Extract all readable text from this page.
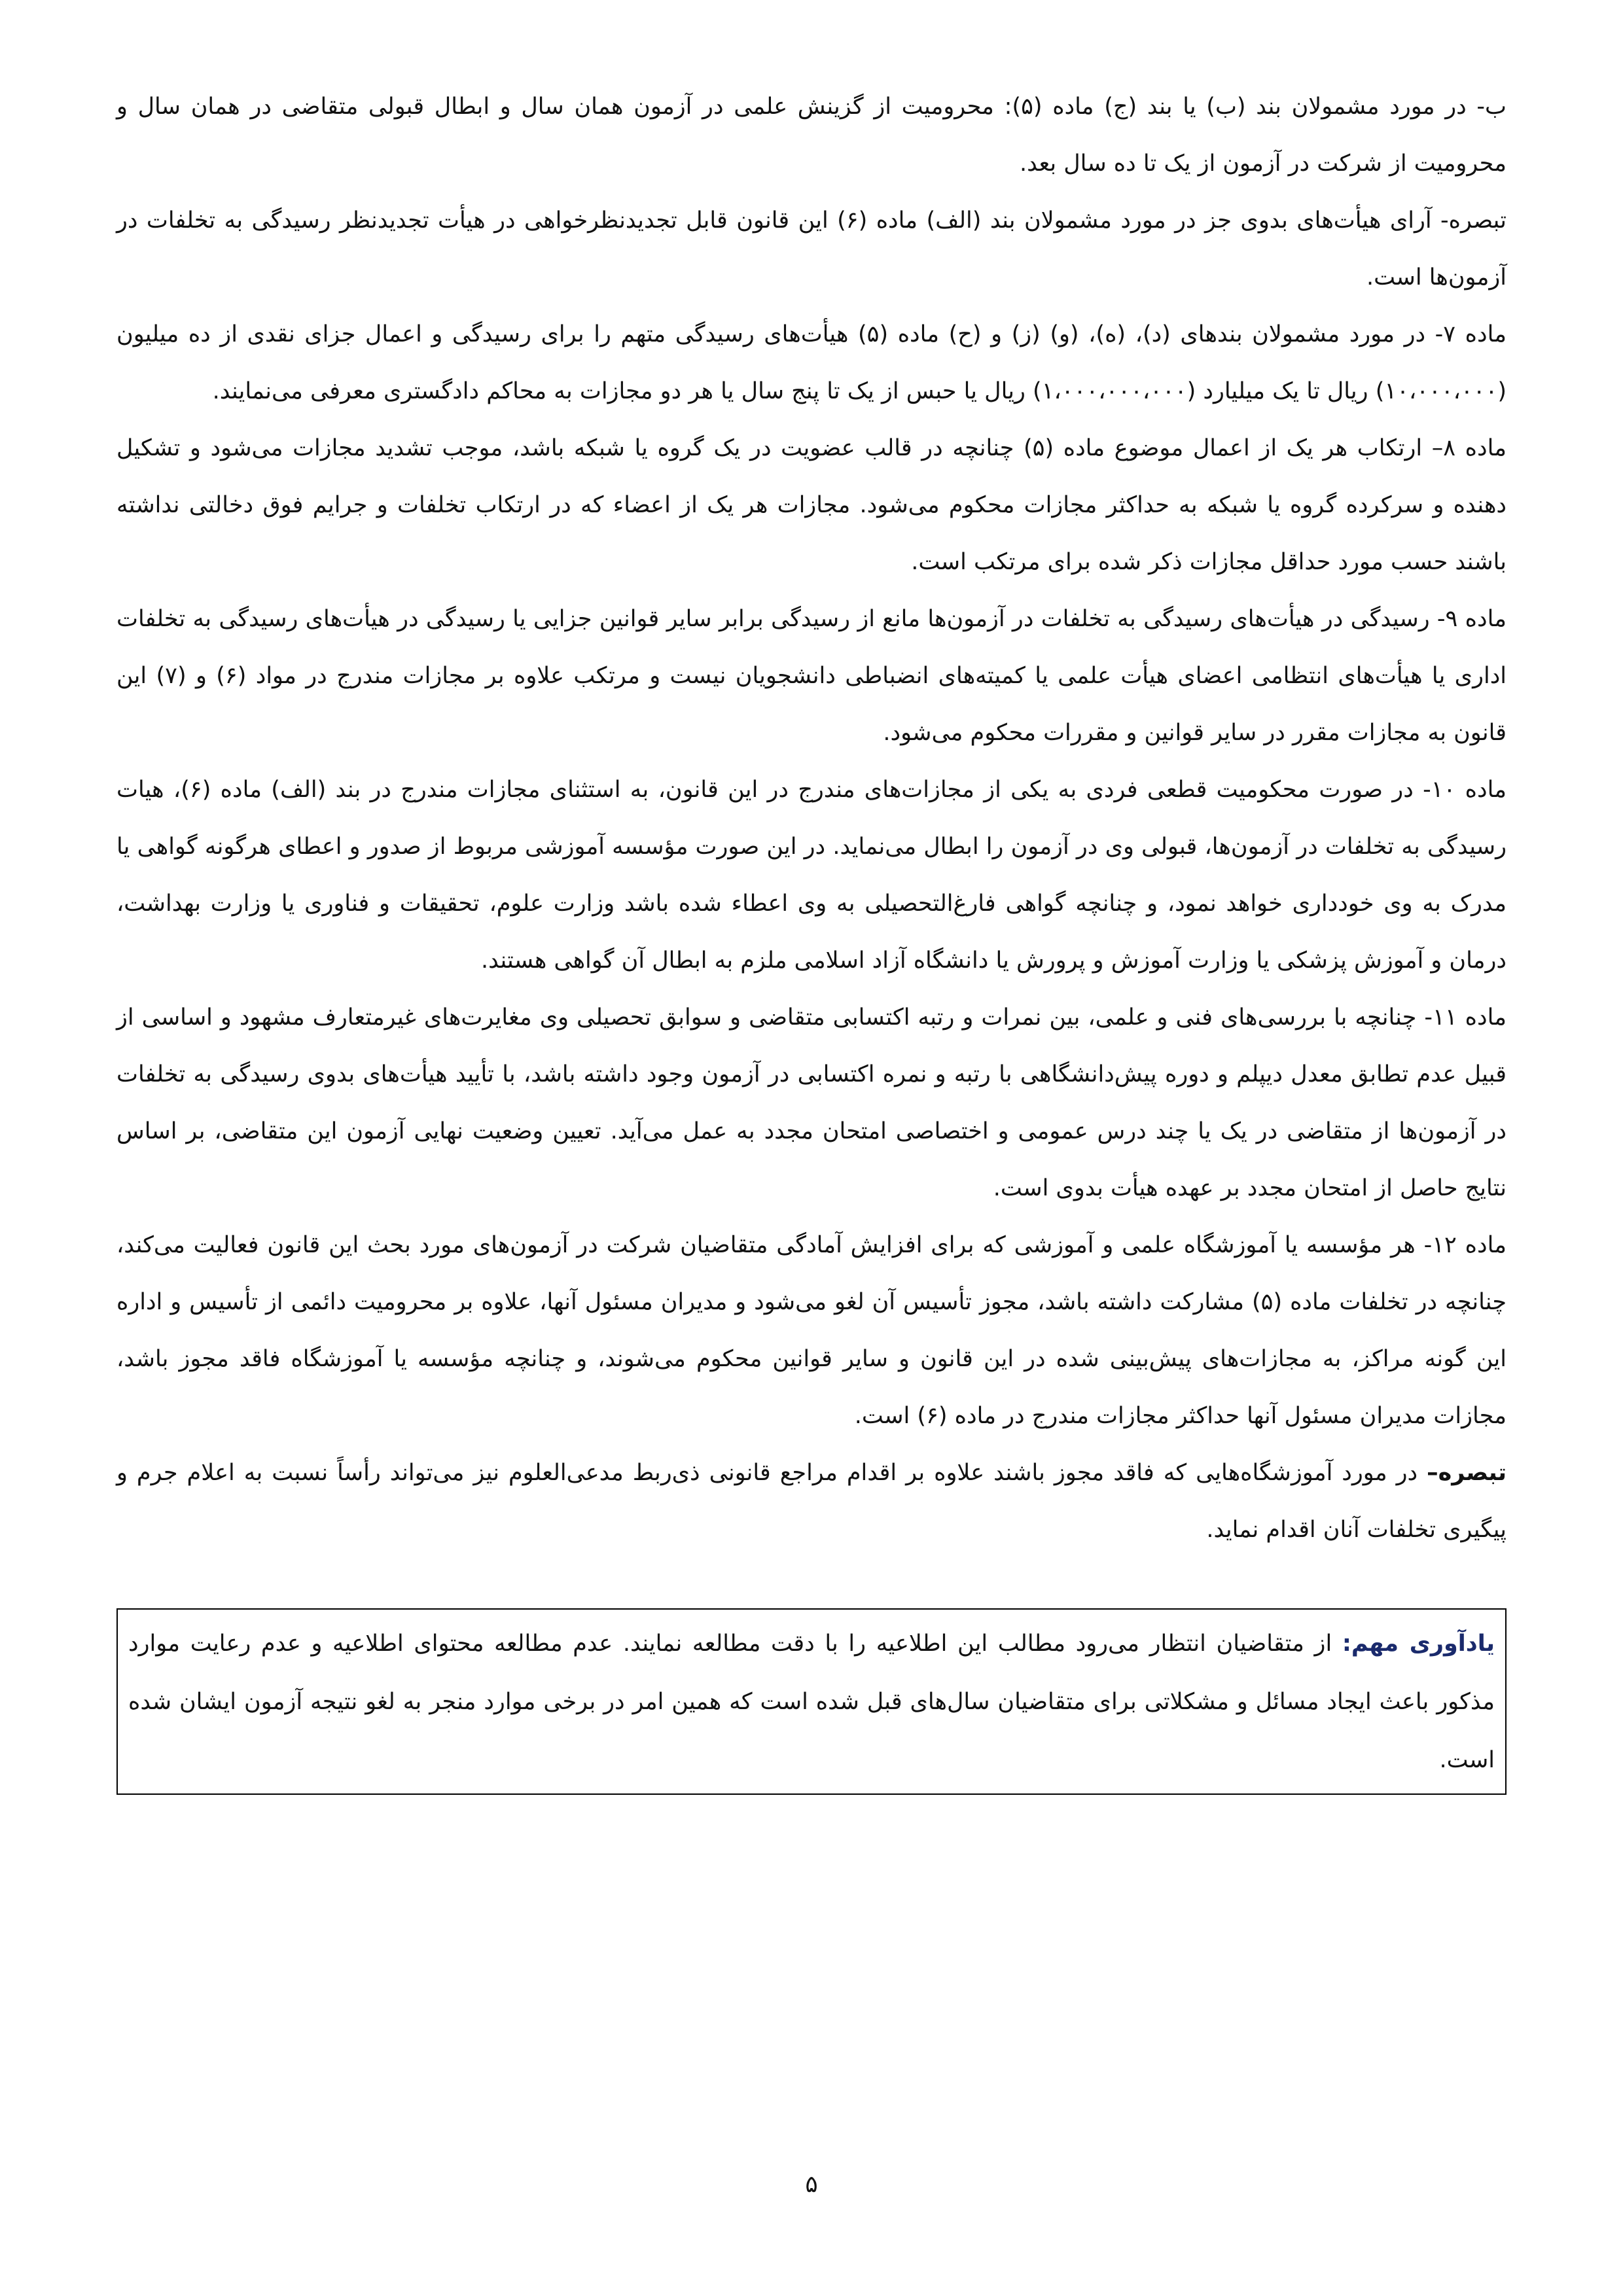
ب- در مورد مشمولان بند (ب) یا بند (ج) ماده (۵): محرومیت از گزینش علمی در آزمون همان سال و ابطال قبولی متقاضی در همان سال و محرومیت از شرکت در آزمون از یک تا ده سال بعد.

تبصره- آرای هیأت‌های بدوی جز در مورد مشمولان بند (الف) ماده (۶) این قانون قابل تجدیدنظرخواهی در هیأت تجدیدنظر رسیدگی به تخلفات در آزمون‌ها است.

ماده ۷- در مورد مشمولان بندهای (د)، (ه)، (و) (ز) و (ح) ماده (۵) هیأت‌های رسیدگی متهم را برای رسیدگی و اعمال جزای نقدی از ده میلیون (۱۰،۰۰۰،۰۰۰) ریال تا یک میلیارد (۱،۰۰۰،۰۰۰،۰۰۰) ریال یا حبس از یک تا پنج سال یا هر دو مجازات به محاکم دادگستری معرفی می‌نمایند.

ماده ۸– ارتکاب هر یک از اعمال موضوع ماده (۵) چنانچه در قالب عضویت در یک گروه یا شبکه باشد، موجب تشدید مجازات می‌شود و تشکیل دهنده و سرکرده گروه یا شبکه به حداکثر مجازات محکوم می‌شود. مجازات هر یک از اعضاء که در ارتکاب تخلفات و جرایم فوق دخالتی نداشته باشند حسب مورد حداقل مجازات ذکر شده برای مرتکب است.

ماده ۹- رسیدگی در هیأت‌های رسیدگی به تخلفات در آزمون‌ها مانع از رسیدگی برابر سایر قوانین جزایی یا رسیدگی در هیأت‌های رسیدگی به تخلفات اداری یا هیأت‌های انتظامی اعضای هیأت علمی یا کمیته‌های انضباطی دانشجویان نیست و مرتکب علاوه بر مجازات مندرج در مواد (۶) و (۷) این قانون به مجازات مقرر در سایر قوانین و مقررات محکوم می‌شود.

ماده ۱۰- در صورت محکومیت قطعی فردی به یکی از مجازات‌های مندرج در این قانون، به استثنای مجازات مندرج در بند (الف) ماده (۶)، هیات رسیدگی به تخلفات در آزمون‌ها، قبولی وی در آزمون را ابطال می‌نماید. در این صورت مؤسسه آموزشی مربوط از صدور و اعطای هرگونه گواهی یا مدرک به وی خودداری خواهد نمود، و چنانچه گواهی فارغ‌التحصیلی به وی اعطاء شده باشد وزارت علوم، تحقیقات و فناوری یا وزارت بهداشت، درمان و آموزش پزشکی یا وزارت آموزش و پرورش یا دانشگاه آزاد اسلامی ملزم به ابطال آن گواهی هستند.

ماده ۱۱- چنانچه با بررسی‌های فنی و علمی، بین نمرات و رتبه اکتسابی متقاضی و سوابق تحصیلی وی مغایرت‌های غیرمتعارف مشهود و اساسی از قبیل عدم تطابق معدل دیپلم و دوره پیش‌دانشگاهی با رتبه و نمره اکتسابی در آزمون وجود داشته باشد، با تأیید هیأت‌های بدوی رسیدگی به تخلفات در آزمون‌ها از متقاضی در یک یا چند درس عمومی و اختصاصی امتحان مجدد به عمل می‌آید. تعیین وضعیت نهایی آزمون این متقاضی، بر اساس نتایج حاصل از امتحان مجدد بر عهده هیأت بدوی است.

ماده ۱۲- هر مؤسسه یا آموزشگاه علمی و آموزشی که برای افزایش آمادگی متقاضیان شرکت در آزمون‌های مورد بحث این قانون فعالیت می‌کند، چنانچه در تخلفات ماده (۵) مشارکت داشته باشد، مجوز تأسیس آن لغو می‌شود و مدیران مسئول آنها، علاوه بر محرومیت دائمی از تأسیس و اداره این گونه مراکز، به مجازات‌های پیش‌بینی شده در این قانون و سایر قوانین محکوم می‌شوند، و چنانچه مؤسسه یا آموزشگاه فاقد مجوز باشد، مجازات مدیران مسئول آنها حداکثر مجازات مندرج در ماده (۶) است.

تبصره– در مورد آموزشگاه‌هایی که فاقد مجوز باشند علاوه بر اقدام مراجع قانونی ذی‌ربط مدعی‌العلوم نیز می‌تواند رأساً نسبت به اعلام جرم و پیگیری تخلفات آنان اقدام نماید.

یادآوری مهم: از متقاضیان انتظار می‌رود مطالب این اطلاعیه را با دقت مطالعه نمایند. عدم مطالعه محتوای اطلاعیه و عدم رعایت موارد مذکور باعث ایجاد مسائل و مشکلاتی برای متقاضیان سال‌های قبل شده است که همین امر در برخی موارد منجر به لغو نتیجه آزمون ایشان شده است.

۵
